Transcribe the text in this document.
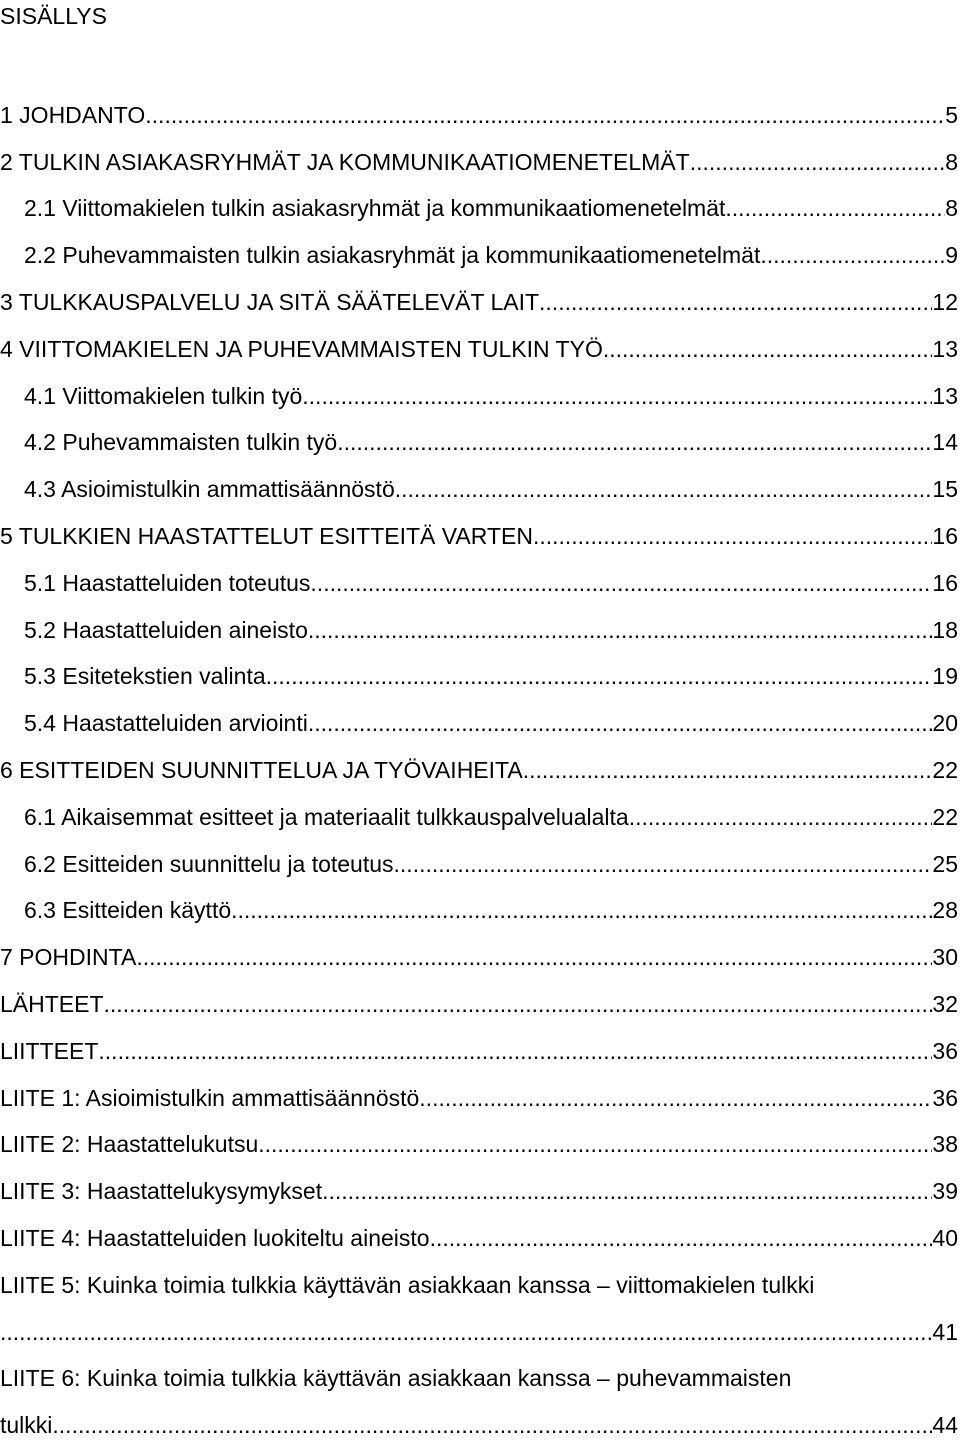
SISÄLLYS
1 JOHDANTO .....	5
2 TULKIN ASIAKASRYHMÄT JA KOMMUNIKAATIOMENETELMÄT .....	8
2.1 Viittomakielen tulkin asiakasryhmät ja kommunikaatiomenetelmät .....	8
2.2 Puhevammaisten tulkin asiakasryhmät ja kommunikaatiomenetelmät .....	9
3 TULKKAUSPALVELU JA SITÄ SÄÄTELEVÄT LAIT .....	12
4 VIITTOMAKIELEN JA PUHEVAMMAISTEN TULKIN TYÖ .....	13
4.1 Viittomakielen tulkin työ .....	13
4.2 Puhevammaisten tulkin työ .....	14
4.3 Asioimistulkin ammattisäännöstö .....	15
5 TULKKIEN HAASTATTELUT ESITTEITÄ VARTEN .....	16
5.1 Haastatteluiden toteutus .....	16
5.2 Haastatteluiden aineisto .....	18
5.3 Esitetekstien valinta .....	19
5.4 Haastatteluiden arviointi .....	20
6 ESITTEIDEN SUUNNITTELUA JA TYÖVAIHEITA .....	22
6.1 Aikaisemmat esitteet ja materiaalit tulkkauspalvelualalta .....	22
6.2 Esitteiden suunnittelu ja toteutus .....	25
6.3 Esitteiden käyttö .....	28
7 POHDINTA .....	30
LÄHTEET .....	32
LIITTEET .....	36
LIITE 1: Asioimistulkin ammattisäännöstö .....	36
LIITE 2: Haastattelukutsu .....	38
LIITE 3: Haastattelukysymykset .....	39
LIITE 4: Haastatteluiden luokiteltu aineisto .....	40
LIITE 5: Kuinka toimia tulkkia käyttävän asiakkaan kanssa – viittomakielen tulkki
.....
41
LIITE 6: Kuinka toimia tulkkia käyttävän asiakkaan kanssa – puhevammaisten
tulkki .....	44
